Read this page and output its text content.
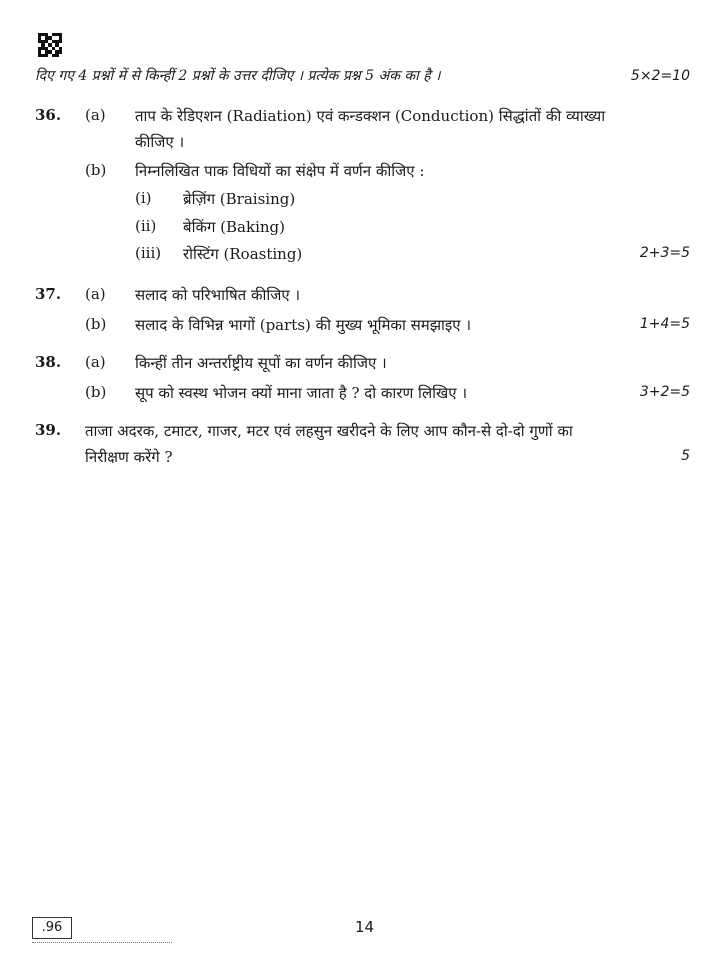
दिए गए 4 प्रश्नों में से किन्हीं 2 प्रश्नों के उत्तर दीजिए । प्रत्येक प्रश्न 5 अंक का है ।	5×2=10
36. (a) ताप के रेडिएशन (Radiation) एवं कन्डक्शन (Conduction) सिद्धांतों की व्याख्या
कीजिए ।
(b) निम्नलिखित पाक विधियों का संक्षेप में वर्णन कीजिए :
(i) ब्रेज़िंग (Braising)
(ii) बेकिंग (Baking)
(iii) रोस्टिंग (Roasting)	2+3=5
37. (a) सलाद को परिभाषित कीजिए ।
(b) सलाद के विभिन्न भागों (parts) की मुख्य भूमिका समझाइए ।	1+4=5
38. (a) किन्हीं तीन अन्तर्राष्ट्रीय सूपों का वर्णन कीजिए ।
(b) सूप को स्वस्थ भोजन क्यों माना जाता है ? दो कारण लिखिए ।	3+2=5
39. ताजा अदरक, टमाटर, गाजर, मटर एवं लहसुन खरीदने के लिए आप कौन-से दो-दो गुणों का
निरीक्षण करेंगे ?	5
.96	14
